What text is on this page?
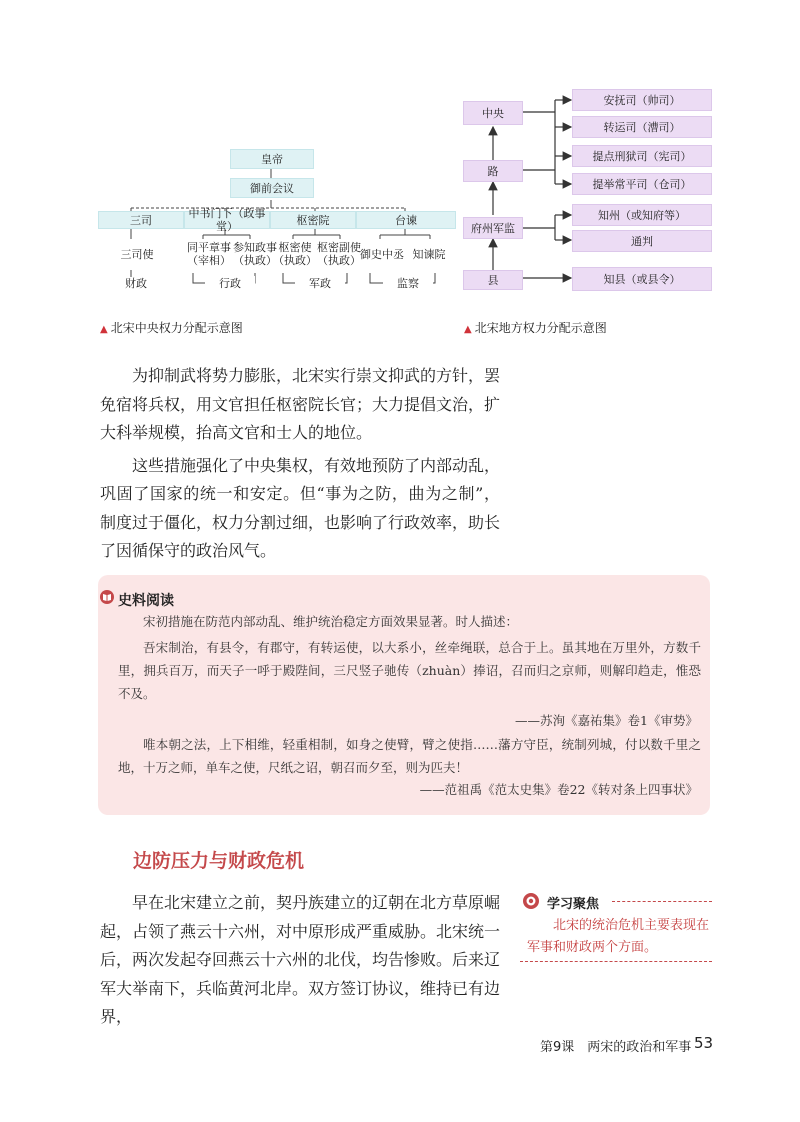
皇帝
御前会议
三司	中书门下（政事堂）	枢密院	台谏
三司使	同平章事（宰相）
参知政事（执政）
枢密使（执政）
枢密副使（执政） 御史中丞 知谏院
财政	行政	军政	监察
▲ 北宋中央权力分配示意图
中央
路
府州军监
县
安抚司（帅司）
转运司（漕司）
提点刑狱司（宪司）
提举常平司（仓司）
知州（或知府等）
通判
知县（或县令）
▲ 北宋地方权力分配示意图

为抑制武将势力膨胀，北宋实行崇文抑武的方针，罢免宿将兵权，用文官担任枢密院长官；大力提倡文治，扩大科举规模，抬高文官和士人的地位。

这些措施强化了中央集权，有效地预防了内部动乱，巩固了国家的统一和安定。但“事为之防，曲为之制”，制度过于僵化，权力分割过细，也影响了行政效率，助长了因循保守的政治风气。

史料阅读
宋初措施在防范内部动乱、维护统治稳定方面效果显著。时人描述：
吾宋制治，有县令，有郡守，有转运使，以大系小，丝牵绳联，总合于上。虽其地在万里外，方数千里，拥兵百万，而天子一呼于殿陛间，三尺竖子驰传（zhuàn）捧诏，召而归之京师，则解印趋走，惟恐不及。
——苏洵《嘉祐集》卷1《审势》
唯本朝之法，上下相维，轻重相制，如身之使臂，臂之使指……藩方守臣，统制列城，付以数千里之地，十万之师，单车之使，尺纸之诏，朝召而夕至，则为匹夫！
——范祖禹《范太史集》卷22《转对条上四事状》
边防压力与财政危机
早在北宋建立之前，契丹族建立的辽朝在北方草原崛起，占领了燕云十六州，对中原形成严重威胁。北宋统一后，两次发起夺回燕云十六州的北伐，均告惨败。后来辽军大举南下，兵临黄河北岸。双方签订协议，维持已有边界，
学习聚焦
北宋的统治危机主要表现在军事和财政两个方面。
第9课　两宋的政治和军事 53
